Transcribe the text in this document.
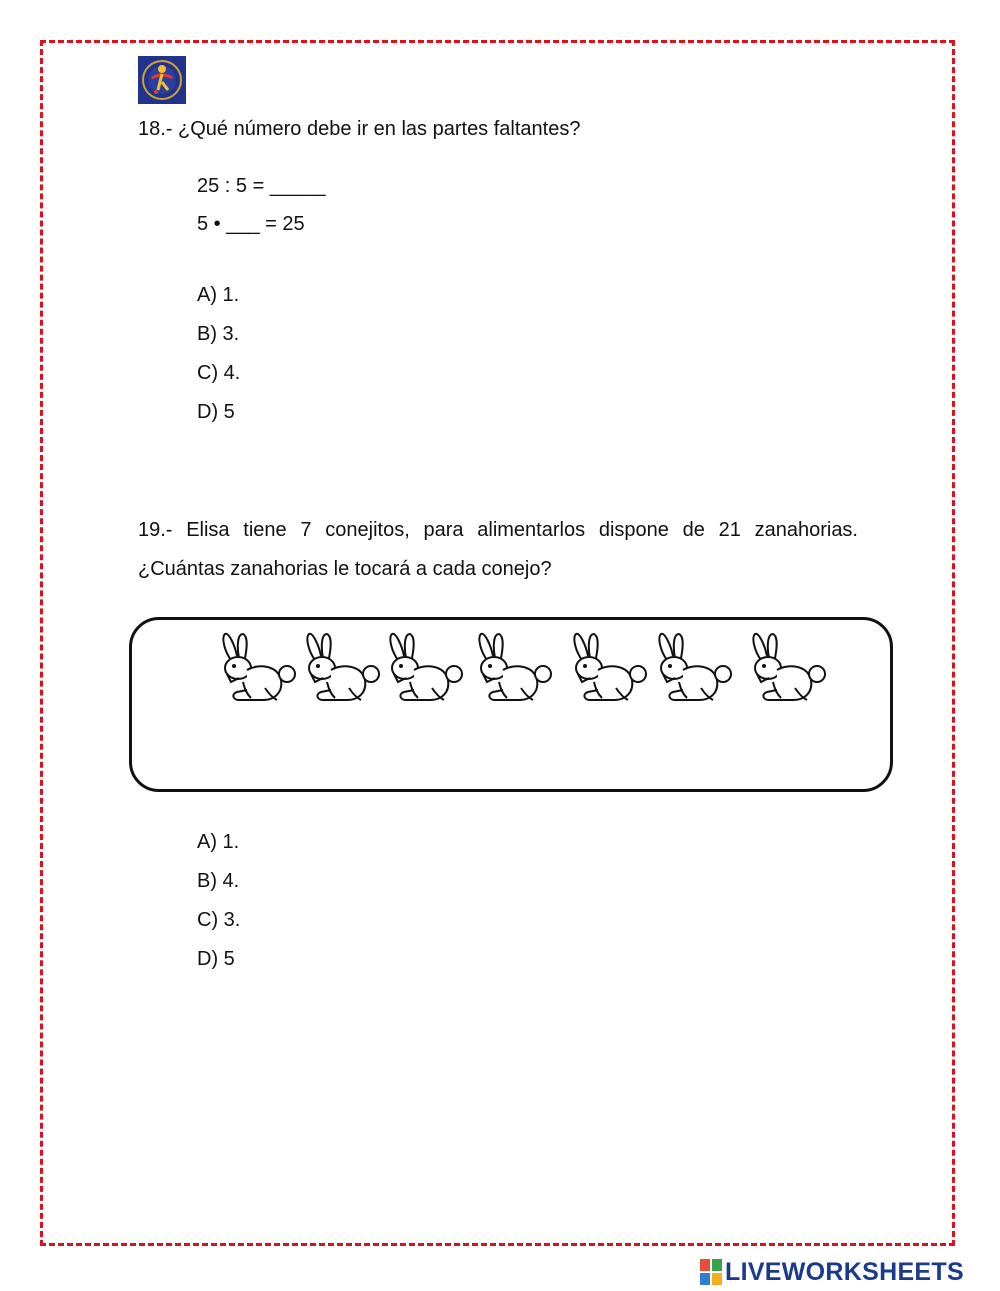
18.- ¿Qué número debe ir en las partes faltantes?
25 : 5 = _____
5 • ___ = 25
A) 1.
B) 3.
C) 4.
D) 5
19.- Elisa tiene 7 conejitos, para alimentarlos dispone de 21 zanahorias. ¿Cuántas zanahorias le tocará a cada conejo?
A) 1.
B) 4.
C) 3.
D) 5
LIVEWORKSHEETS
